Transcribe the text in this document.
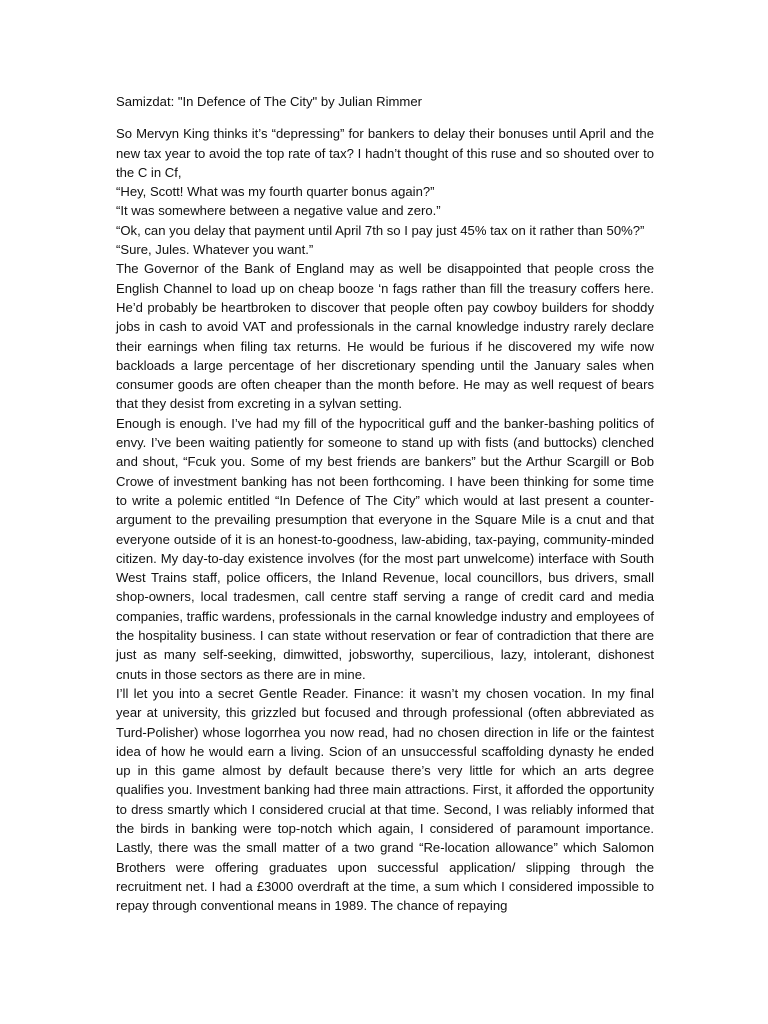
Samizdat: "In Defence of The City" by Julian Rimmer

So Mervyn King thinks it’s “depressing” for bankers to delay their bonuses until April and the new tax year to avoid the top rate of tax? I hadn’t thought of this ruse and so shouted over to the C in Cf,

“Hey, Scott! What was my fourth quarter bonus again?”

“It was somewhere between a negative value and zero.”

“Ok, can you delay that payment until April 7th so I pay just 45% tax on it rather than 50%?”

“Sure, Jules. Whatever you want.”

The Governor of the Bank of England may as well be disappointed that people cross the English Channel to load up on cheap booze ‘n fags rather than fill the treasury coffers here. He’d probably be heartbroken to discover that people often pay cowboy builders for shoddy jobs in cash to avoid VAT and professionals in the carnal knowledge industry rarely declare their earnings when filing tax returns. He would be furious if he discovered my wife now backloads a large percentage of her discretionary spending until the January sales when consumer goods are often cheaper than the month before. He may as well request of bears that they desist from excreting in a sylvan setting.

Enough is enough. I’ve had my fill of the hypocritical guff and the banker-bashing politics of envy. I’ve been waiting patiently for someone to stand up with fists (and buttocks) clenched and shout, “Fcuk you. Some of my best friends are bankers” but the Arthur Scargill or Bob Crowe of investment banking has not been forthcoming. I have been thinking for some time to write a polemic entitled “In Defence of The City” which would at last present a counter-argument to the prevailing presumption that everyone in the Square Mile is a cnut and that everyone outside of it is an honest-to-goodness, law-abiding, tax-paying, community-minded citizen. My day-to-day existence involves (for the most part unwelcome) interface with South West Trains staff, police officers, the Inland Revenue, local councillors, bus drivers, small shop-owners, local tradesmen, call centre staff serving a range of credit card and media companies, traffic wardens, professionals in the carnal knowledge industry and employees of the hospitality business. I can state without reservation or fear of contradiction that there are just as many self-seeking, dimwitted, jobsworthy, supercilious, lazy, intolerant, dishonest cnuts in those sectors as there are in mine.

I’ll let you into a secret Gentle Reader. Finance: it wasn’t my chosen vocation. In my final year at university, this grizzled but focused and through professional (often abbreviated as Turd-Polisher) whose logorrhea you now read, had no chosen direction in life or the faintest idea of how he would earn a living. Scion of an unsuccessful scaffolding dynasty he ended up in this game almost by default because there’s very little for which an arts degree qualifies you. Investment banking had three main attractions. First, it afforded the opportunity to dress smartly which I considered crucial at that time. Second, I was reliably informed that the birds in banking were top-notch which again, I considered of paramount importance. Lastly, there was the small matter of a two grand “Re-location allowance” which Salomon Brothers were offering graduates upon successful application/ slipping through the recruitment net. I had a £3000 overdraft at the time, a sum which I considered impossible to repay through conventional means in 1989. The chance of repaying
